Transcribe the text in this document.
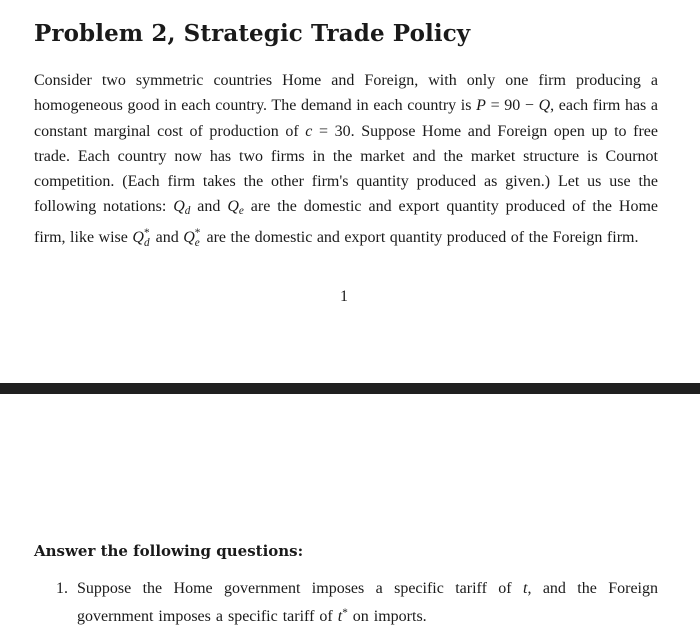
Problem 2, Strategic Trade Policy

Consider two symmetric countries Home and Foreign, with only one firm producing a homogeneous good in each country. The demand in each country is P = 90 − Q, each firm has a constant marginal cost of production of c = 30. Suppose Home and Foreign open up to free trade. Each country now has two firms in the market and the market structure is Cournot competition. (Each firm takes the other firm's quantity produced as given.) Let us use the following notations: $Q_d$ and $Q_e$ are the domestic and export quantity produced of the Home firm, like wise Q *
d and Q *
e are the domestic and export quantity produced of the Foreign firm.

1

Answer the following questions:
1. Suppose the Home government imposes a specific tariff of t, and the Foreign government imposes a specific tariff of t* on imports.
